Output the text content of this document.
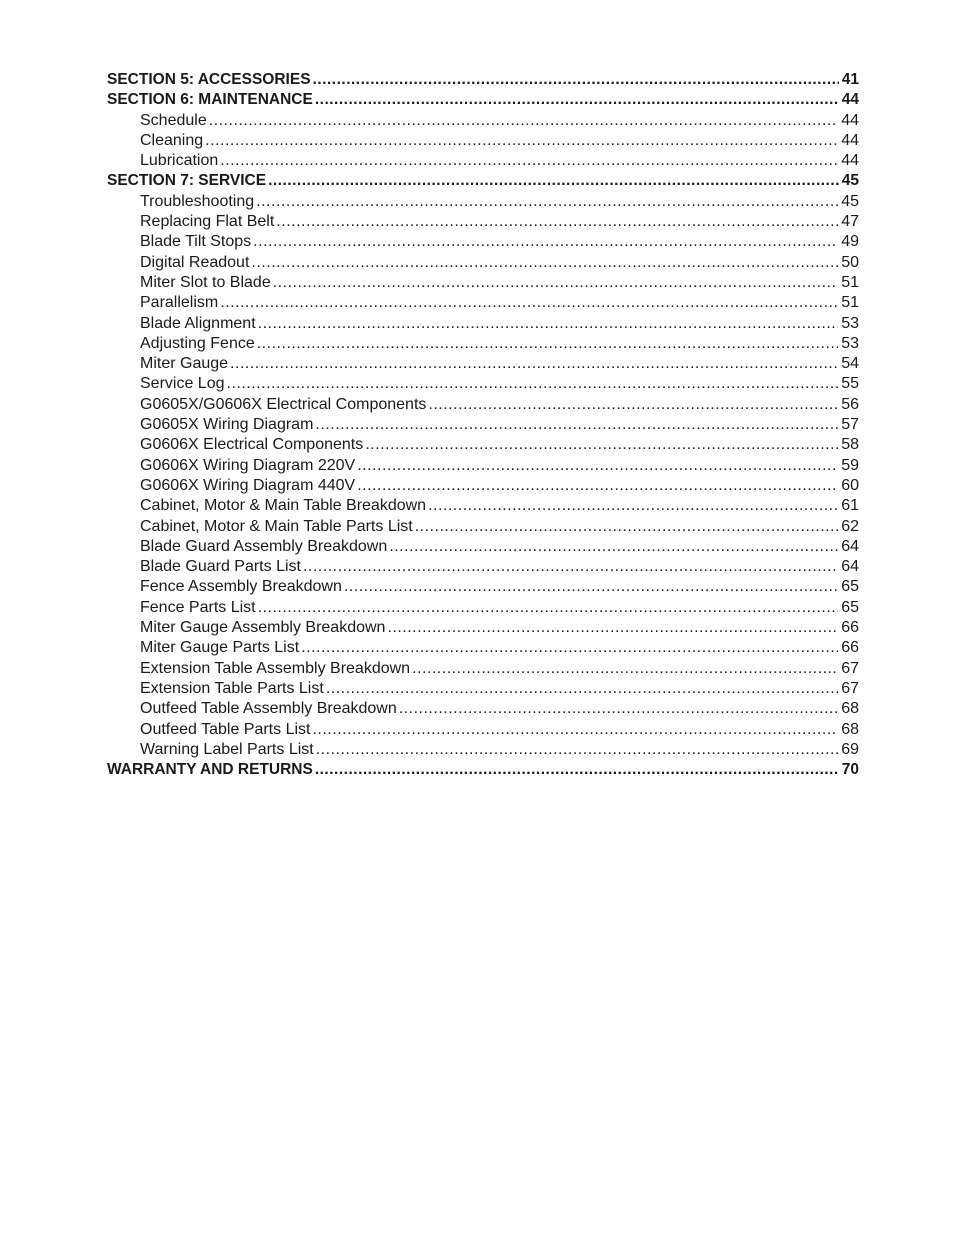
SECTION 5: ACCESSORIES .....	41
SECTION 6: MAINTENANCE .....	44
Schedule .....	44
Cleaning .....	44
Lubrication .....	44
SECTION 7: SERVICE .....	45
Troubleshooting .....	45
Replacing Flat Belt .....	47
Blade Tilt Stops .....	49
Digital Readout .....	50
Miter Slot to Blade .....	51
Parallelism .....	51
Blade Alignment .....	53
Adjusting Fence .....	53
Miter Gauge .....	54
Service Log .....	55
G0605X/G0606X Electrical Components .....	56
G0605X Wiring Diagram .....	57
G0606X Electrical Components .....	58
G0606X Wiring Diagram 220V .....	59
G0606X Wiring Diagram 440V .....	60
Cabinet, Motor & Main Table Breakdown .....	61
Cabinet, Motor & Main Table Parts List .....	62
Blade Guard Assembly Breakdown .....	64
Blade Guard Parts List .....	64
Fence Assembly Breakdown .....	65
Fence Parts List .....	65
Miter Gauge Assembly Breakdown .....	66
Miter Gauge Parts List .....	66
Extension Table Assembly Breakdown .....	67
Extension Table Parts List .....	67
Outfeed Table Assembly Breakdown .....	68
Outfeed Table Parts List .....	68
Warning Label Parts List .....	69
WARRANTY AND RETURNS .....	70
